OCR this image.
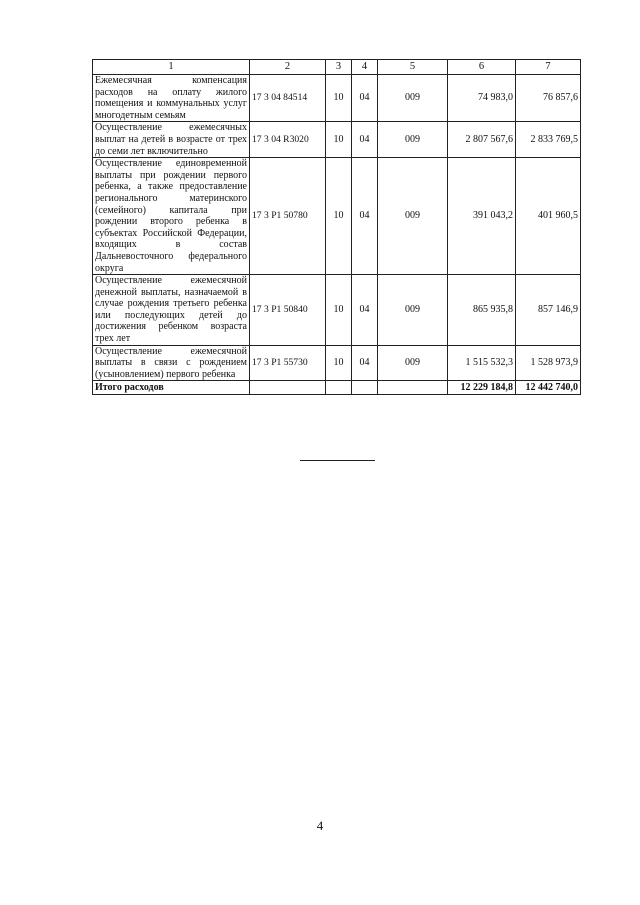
1	2	3	4	5	6	7
Ежемесячная компенсация расходов на оплату жилого помещения и коммунальных услуг многодетным семьям	17 3 04 84514	10	04	009	74 983,0	76 857,6
Осуществление ежемесячных выплат на детей в возрасте от трех до семи лет включительно	17 3 04 R3020	10	04	009	2 807 567,6	2 833 769,5
Осуществление единовременной выплаты при рождении первого ребенка, а также предоставление регионального материнского (семейного) капитала при рождении второго ребенка в субъектах Российской Федерации, входящих в состав Дальневосточного федерального округа	17 3 P1 50780	10	04	009	391 043,2	401 960,5
Осуществление ежемесячной денежной выплаты, назначаемой в случае рождения третьего ребенка или последующих детей до достижения ребенком возраста трех лет	17 3 P1 50840	10	04	009	865 935,8	857 146,9
Осуществление ежемесячной выплаты в связи с рождением (усыновлением) первого ребенка	17 3 P1 55730	10	04	009	1 515 532,3	1 528 973,9
Итого расходов					12 229 184,8	12 442 740,0
4
